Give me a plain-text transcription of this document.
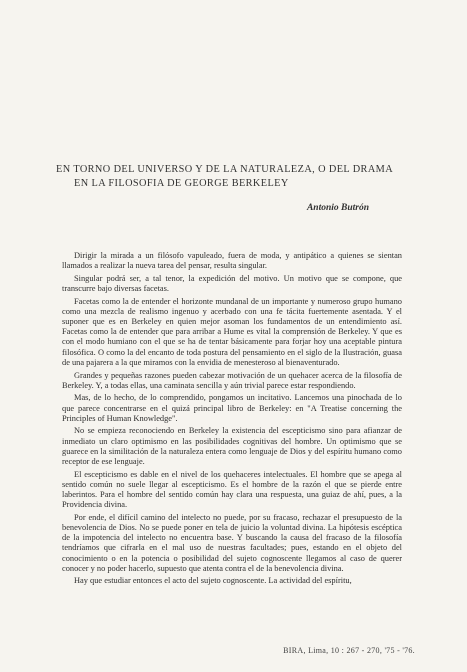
EN TORNO DEL UNIVERSO Y DE LA NATURALEZA, O DEL DRAMA
EN LA FILOSOFIA DE GEORGE BERKELEY
Antonio Butrón

Dirigir la mirada a un filósofo vapuleado, fuera de moda, y antipático a quienes se sientan llamados a realizar la nueva tarea del pensar, resulta singular.

Singular podrá ser, a tal tenor, la expedición del motivo. Un motivo que se compone, que transcurre bajo diversas facetas.

Facetas como la de entender el horizonte mundanal de un importante y numeroso grupo humano como una mezcla de realismo ingenuo y acerbado con una fe tácita fuertemente asentada. Y el suponer que es en Berkeley en quien mejor asoman los fundamentos de un entendimiento así. Facetas como la de entender que para arribar a Hume es vital la comprensión de Berkeley. Y que es con el modo humiano con el que se ha de tentar básicamente para forjar hoy una aceptable pintura filosófica. O como la del encanto de toda postura del pensamiento en el siglo de la Ilustración, guasa de una pajarera a la que miramos con la envidia de menesteroso al bienaventurado.

Grandes y pequeñas razones pueden cabezar motivación de un quehacer acerca de la filosofía de Berkeley. Y, a todas ellas, una caminata sencilla y aún trivial parece estar respondiendo.

Mas, de lo hecho, de lo comprendido, pongamos un incitativo. Lancemos una pinochada de lo que parece concentrarse en el quizá principal libro de Berkeley: en "A Treatise concerning the Principles of Human Knowledge".

No se empieza reconociendo en Berkeley la existencia del escepticismo sino para afianzar de inmediato un claro optimismo en las posibilidades cognitivas del hombre. Un optimismo que se guarece en la similitación de la naturaleza entera como lenguaje de Dios y del espíritu humano como receptor de ese lenguaje.

El escepticismo es dable en el nivel de los quehaceres intelectuales. El hombre que se apega al sentido común no suele llegar al escepticismo. Es el hombre de la razón el que se pierde entre laberintos. Para el hombre del sentido común hay clara una respuesta, una guiaz de ahí, pues, a la Providencia divina.

Por ende, el difícil camino del intelecto no puede, por su fracaso, rechazar el presupuesto de la benevolencia de Dios. No se puede poner en tela de juicio la voluntad divina. La hipótesis escéptica de la impotencia del intelecto no encuentra base. Y buscando la causa del fracaso de la filosofía tendríamos que cifrarla en el mal uso de nuestras facultades; pues, estando en el objeto del conocimiento o en la potencia o posibilidad del sujeto cognoscente llegamos al caso de querer conocer y no poder hacerlo, supuesto que atenta contra el de la benevolencia divina.

Hay que estudiar entonces el acto del sujeto cognoscente. La actividad del espíritu,

BIRA, Lima, 10 : 267 - 270, '75 - '76.
